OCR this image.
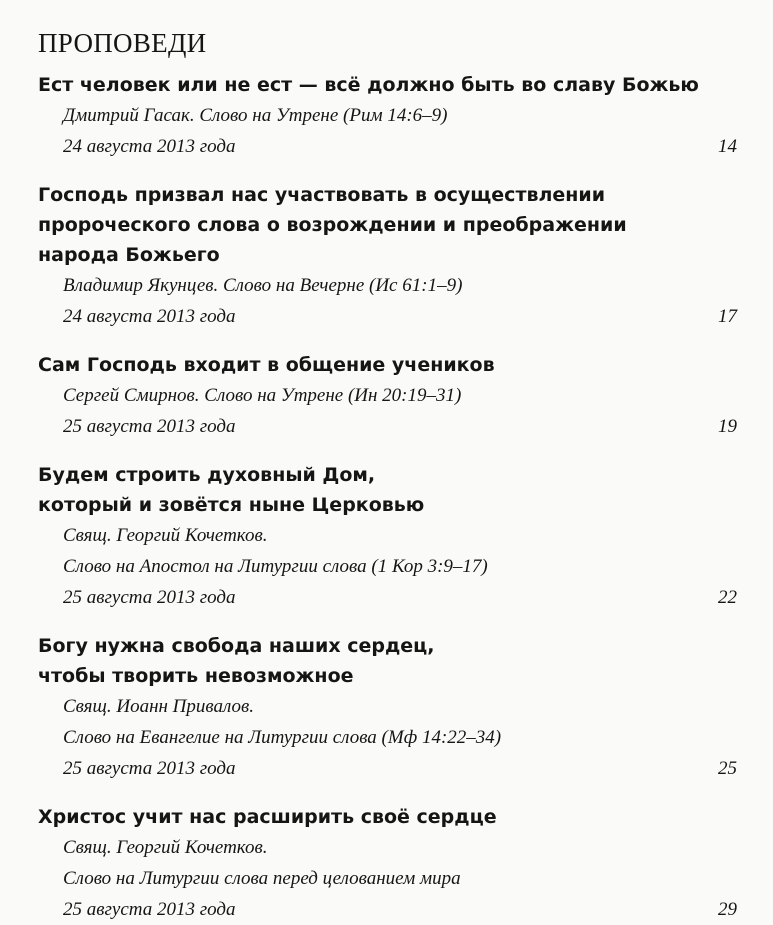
ПРОПОВЕДИ
Ест человек или не ест — всё должно быть во славу Божью
Дмитрий Гасак. Слово на Утрене (Рим 14:6–9)
24 августа 2013 года	14
Господь призвал нас участвовать в осуществлении
пророческого слова о возрождении и преображении
народа Божьего
Владимир Якунцев. Слово на Вечерне (Ис 61:1–9)
24 августа 2013 года	17
Сам Господь входит в общение учеников
Сергей Смирнов. Слово на Утрене (Ин 20:19–31)
25 августа 2013 года	19
Будем строить духовный Дом,
который и зовётся ныне Церковью
Свящ. Георгий Кочетков.
Слово на Апостол на Литургии слова (1 Кор 3:9–17)
25 августа 2013 года	22
Богу нужна свобода наших сердец,
чтобы творить невозможное
Свящ. Иоанн Привалов.
Слово на Евангелие на Литургии слова (Мф 14:22–34)
25 августа 2013 года	25
Христос учит нас расширить своё сердце
Свящ. Георгий Кочетков.
Слово на Литургии слова перед целованием мира
25 августа 2013 года	29
